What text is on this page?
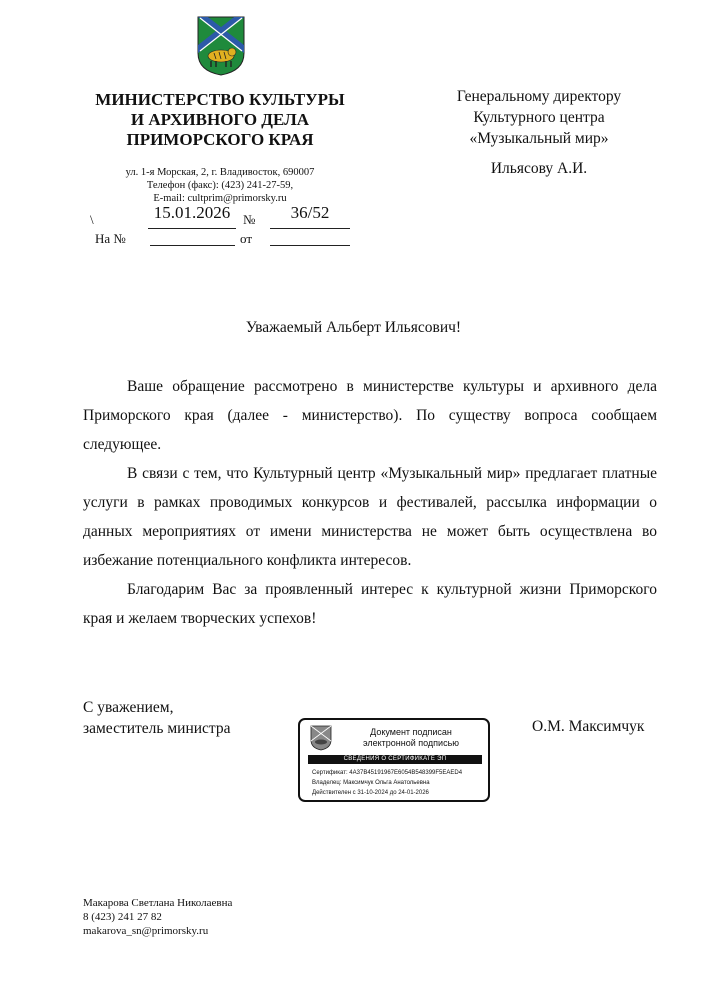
МИНИСТЕРСТВО КУЛЬТУРЫ
И АРХИВНОГО ДЕЛА
ПРИМОРСКОГО КРАЯ
ул. 1-я Морская, 2, г. Владивосток, 690007
Телефон (факс): (423) 241-27-59,
E-mail: cultprim@primorsky.ru
\	15.01.2026 №	36/52
На №	от
Генеральному директору
Культурного центра
«Музыкальный мир»
Ильясову А.И.
Уважаемый Альберт Ильясович!

Ваше обращение рассмотрено в министерстве культуры и архивного дела Приморского края (далее - министерство). По существу вопроса сообщаем следующее.

В связи с тем, что Культурный центр «Музыкальный мир» предлагает платные услуги в рамках проводимых конкурсов и фестивалей, рассылка информации о данных мероприятиях от имени министерства не может быть осуществлена во избежание потенциального конфликта интересов.

Благодарим Вас за проявленный интерес к культурной жизни Приморского края и желаем творческих успехов!

С уважением,
заместитель министра	О.М. Максимчук
Документ подписан
электронной подписью
СВЕДЕНИЯ О СЕРТИФИКАТЕ ЭП
Сертификат: 4A37B45191967E6054B548399F5EAED4
Владелец: Максимчук Ольга Анатольевна
Действителен с 31-10-2024 до 24-01-2026
Макарова Светлана Николаевна
8 (423) 241 27 82
makarova_sn@primorsky.ru
